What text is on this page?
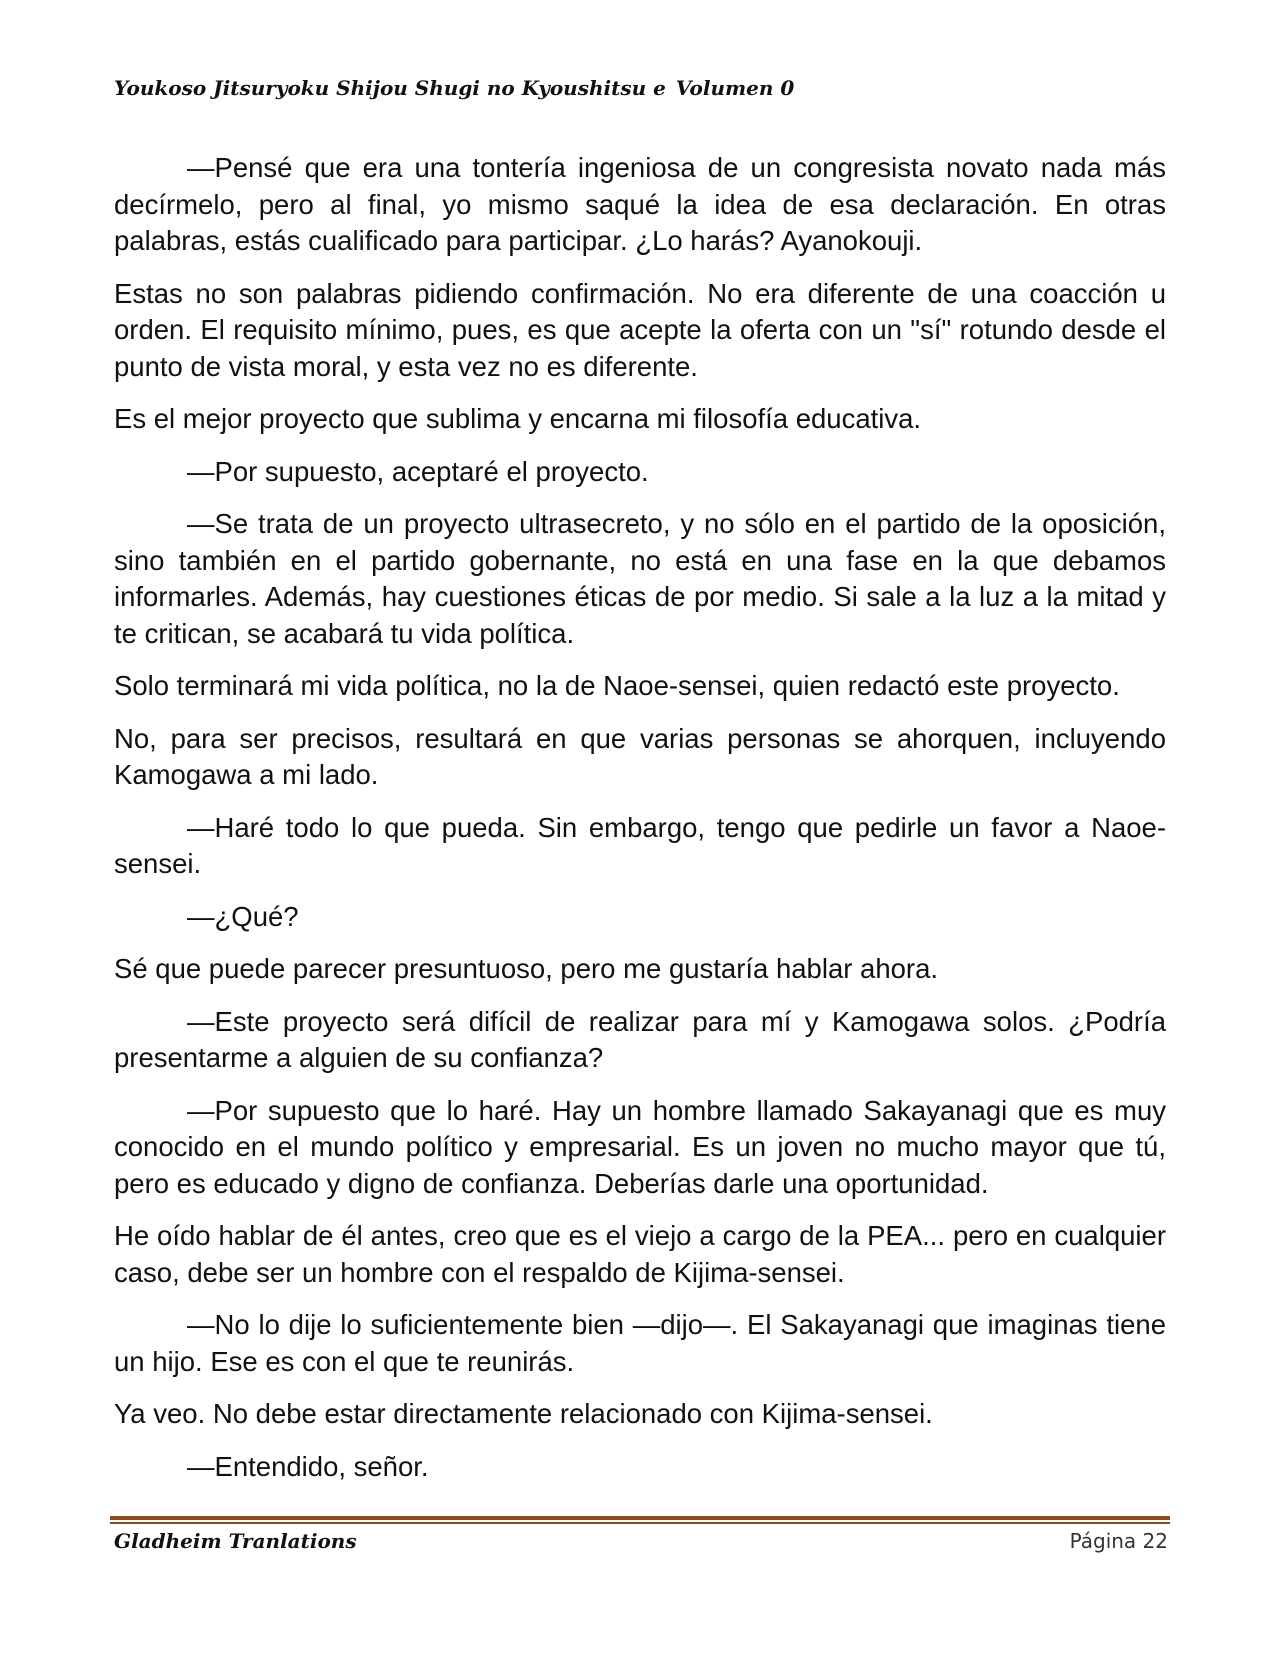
Youkoso Jitsuryoku Shijou Shugi no Kyoushitsu e Volumen 0

—Pensé que era una tontería ingeniosa de un congresista novato nada más decírmelo, pero al final, yo mismo saqué la idea de esa declaración. En otras palabras, estás cualificado para participar. ¿Lo harás? Ayanokouji.

Estas no son palabras pidiendo confirmación. No era diferente de una coacción u orden. El requisito mínimo, pues, es que acepte la oferta con un "sí" rotundo desde el punto de vista moral, y esta vez no es diferente.

Es el mejor proyecto que sublima y encarna mi filosofía educativa.

—Por supuesto, aceptaré el proyecto.

—Se trata de un proyecto ultrasecreto, y no sólo en el partido de la oposición, sino también en el partido gobernante, no está en una fase en la que debamos informarles. Además, hay cuestiones éticas de por medio. Si sale a la luz a la mitad y te critican, se acabará tu vida política.

Solo terminará mi vida política, no la de Naoe-sensei, quien redactó este proyecto.

No, para ser precisos, resultará en que varias personas se ahorquen, incluyendo Kamogawa a mi lado.

—Haré todo lo que pueda. Sin embargo, tengo que pedirle un favor a Naoe-sensei.

—¿Qué?

Sé que puede parecer presuntuoso, pero me gustaría hablar ahora.

—Este proyecto será difícil de realizar para mí y Kamogawa solos. ¿Podría presentarme a alguien de su confianza?

—Por supuesto que lo haré. Hay un hombre llamado Sakayanagi que es muy conocido en el mundo político y empresarial. Es un joven no mucho mayor que tú, pero es educado y digno de confianza. Deberías darle una oportunidad.

He oído hablar de él antes, creo que es el viejo a cargo de la PEA... pero en cualquier caso, debe ser un hombre con el respaldo de Kijima-sensei.

—No lo dije lo suficientemente bien —dijo—. El Sakayanagi que imaginas tiene un hijo. Ese es con el que te reunirás.

Ya veo. No debe estar directamente relacionado con Kijima-sensei.

—Entendido, señor.

Gladheim Tranlations	Página 22
